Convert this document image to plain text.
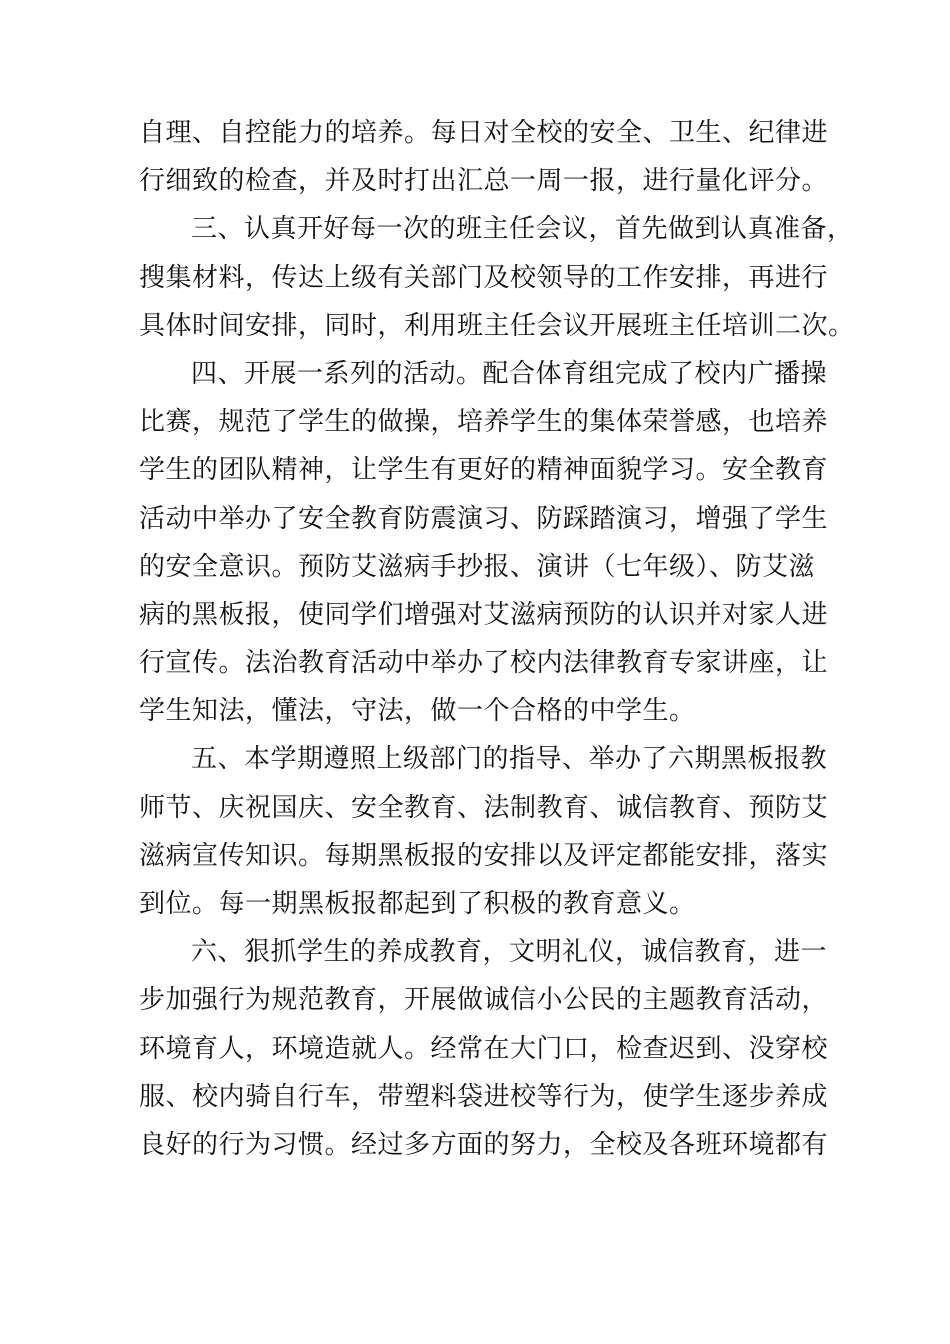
自理、自控能力的培养。每日对全校的安全、卫生、纪律进
行细致的检查，并及时打出汇总一周一报，进行量化评分。
三、认真开好每一次的班主任会议，首先做到认真准备，
搜集材料，传达上级有关部门及校领导的工作安排，再进行
具体时间安排，同时，利用班主任会议开展班主任培训二次。
四、开展一系列的活动。配合体育组完成了校内广播操
比赛，规范了学生的做操，培养学生的集体荣誉感，也培养
学生的团队精神，让学生有更好的精神面貌学习。安全教育
活动中举办了安全教育防震演习、防踩踏演习，增强了学生
的安全意识。预防艾滋病手抄报、演讲（七年级）、防艾滋
病的黑板报，使同学们增强对艾滋病预防的认识并对家人进
行宣传。法治教育活动中举办了校内法律教育专家讲座，让
学生知法，懂法，守法，做一个合格的中学生。
五、本学期遵照上级部门的指导、举办了六期黑板报教
师节、庆祝国庆、安全教育、法制教育、诚信教育、预防艾
滋病宣传知识。每期黑板报的安排以及评定都能安排，落实
到位。每一期黑板报都起到了积极的教育意义。
六、狠抓学生的养成教育，文明礼仪，诚信教育，进一
步加强行为规范教育，开展做诚信小公民的主题教育活动，
环境育人，环境造就人。经常在大门口，检查迟到、没穿校
服、校内骑自行车，带塑料袋进校等行为，使学生逐步养成
良好的行为习惯。经过多方面的努力，全校及各班环境都有
